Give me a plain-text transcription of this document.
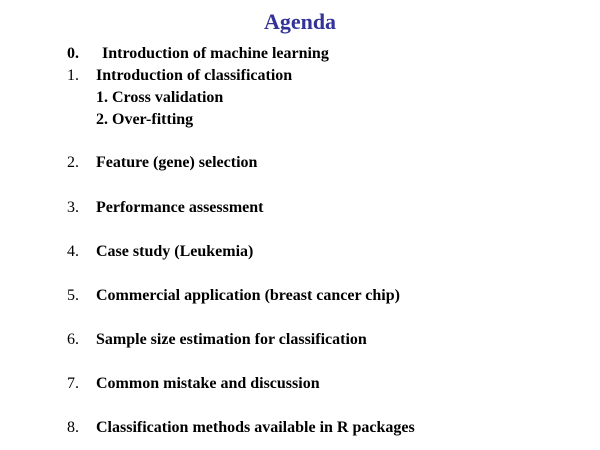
Agenda
0. Introduction of machine learning
1. Introduction of classification
1. Cross validation
2. Over-fitting
2. Feature (gene) selection
3. Performance assessment
4. Case study (Leukemia)
5. Commercial application (breast cancer chip)
6. Sample size estimation for classification
7. Common mistake and discussion
8. Classification methods available in R packages
